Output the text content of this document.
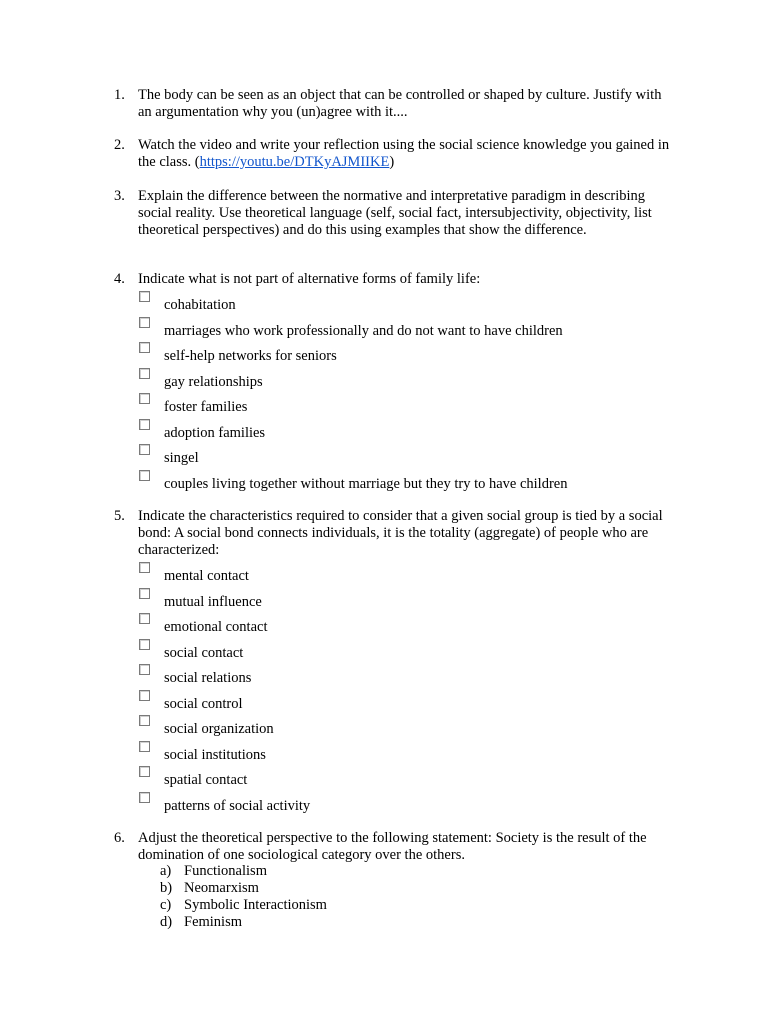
1. The body can be seen as an object that can be controlled or shaped by culture. Justify with an argumentation why you (un)agree with it....
2. Watch the video and write your reflection using the social science knowledge you gained in the class. (https://youtu.be/DTKyAJMIIKE)
3. Explain the difference between the normative and interpretative paradigm in describing social reality. Use theoretical language (self, social fact, intersubjectivity, objectivity, list theoretical perspectives) and do this using examples that show the difference.
4. Indicate what is not part of alternative forms of family life:
cohabitation
marriages who work professionally and do not want to have children
self-help networks for seniors
gay relationships
foster families
adoption families
singel
couples living together without marriage but they try to have children
5. Indicate the characteristics required to consider that a given social group is tied by a social bond: A social bond connects individuals, it is the totality (aggregate) of people who are characterized:
mental contact
mutual influence
emotional contact
social contact
social relations
social control
social organization
social institutions
spatial contact
patterns of social activity
6. Adjust the theoretical perspective to the following statement: Society is the result of the domination of one sociological category over the others.
a) Functionalism
b) Neomarxism
c) Symbolic Interactionism
d) Feminism
